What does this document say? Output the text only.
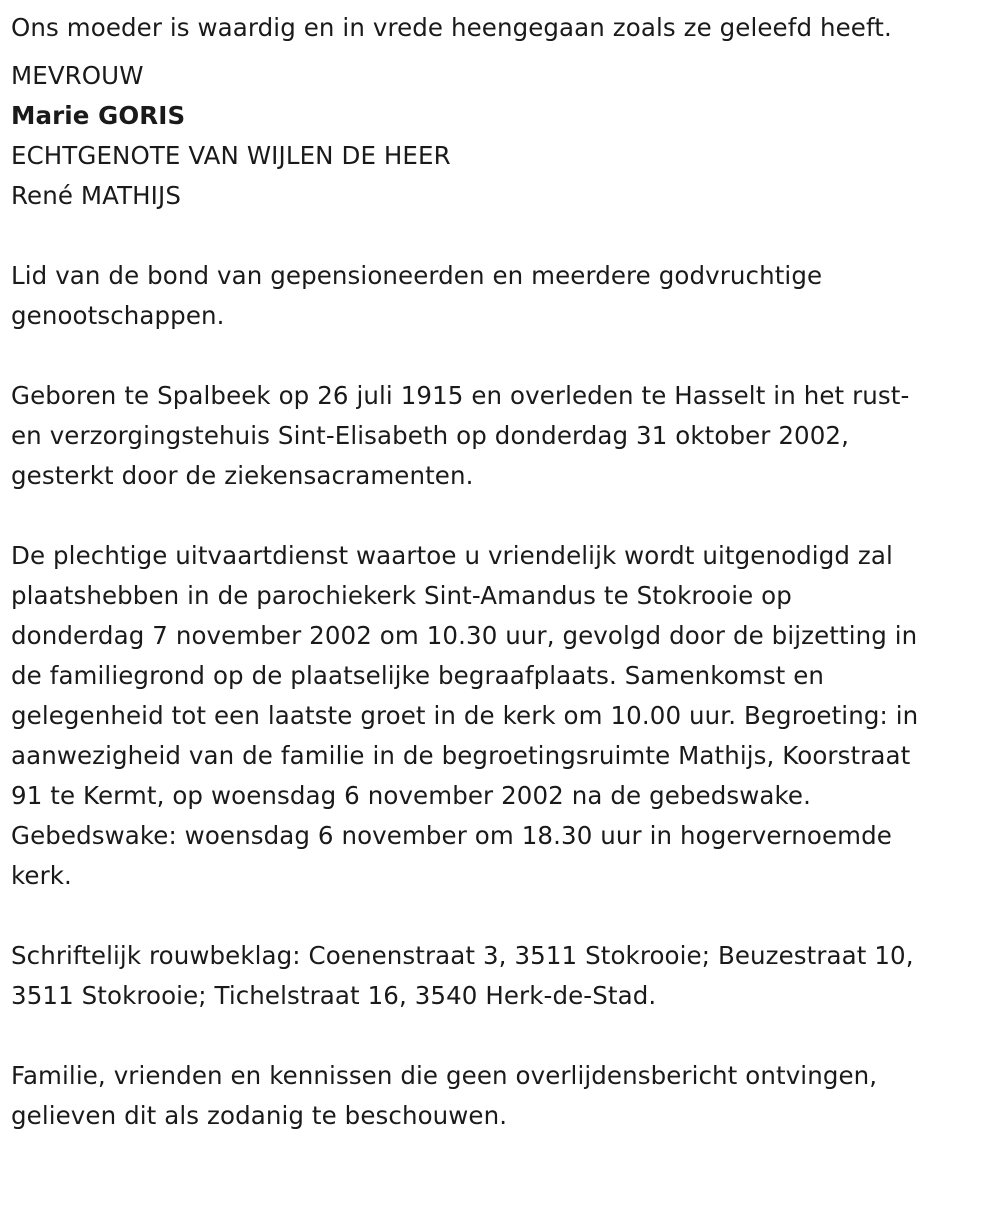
Ons moeder is waardig en in vrede heengegaan zoals ze geleefd heeft.

MEVROUW

Marie GORIS

ECHTGENOTE VAN WIJLEN DE HEER

René MATHIJS

Lid van de bond van gepensioneerden en meerdere godvruchtige

genootschappen.

Geboren te Spalbeek op 26 juli 1915 en overleden te Hasselt in het rust-

en verzorgingstehuis Sint-Elisabeth op donderdag 31 oktober 2002,

gesterkt door de ziekensacramenten.

De plechtige uitvaartdienst waartoe u vriendelijk wordt uitgenodigd zal

plaatshebben in de parochiekerk Sint-Amandus te Stokrooie op

donderdag 7 november 2002 om 10.30 uur, gevolgd door de bijzetting in

de familiegrond op de plaatselijke begraafplaats. Samenkomst en

gelegenheid tot een laatste groet in de kerk om 10.00 uur. Begroeting: in

aanwezigheid van de familie in de begroetingsruimte Mathijs, Koorstraat

91 te Kermt, op woensdag 6 november 2002 na de gebedswake.

Gebedswake: woensdag 6 november om 18.30 uur in hogervernoemde

kerk.

Schriftelijk rouwbeklag: Coenenstraat 3, 3511 Stokrooie; Beuzestraat 10,

3511 Stokrooie; Tichelstraat 16, 3540 Herk-de-Stad.

Familie, vrienden en kennissen die geen overlijdensbericht ontvingen,

gelieven dit als zodanig te beschouwen.
